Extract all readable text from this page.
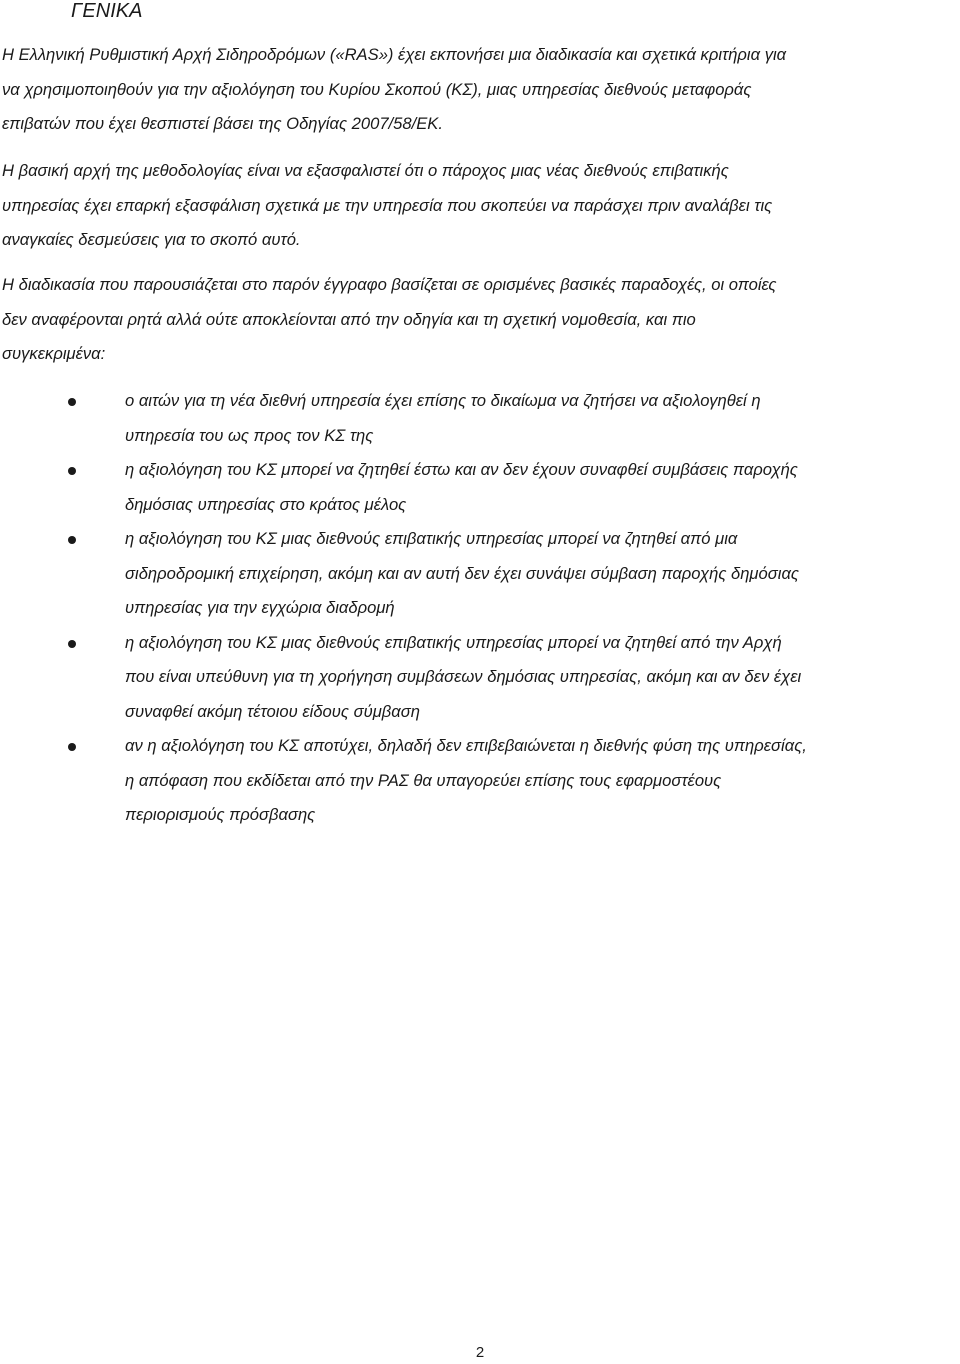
ΓΕΝΙΚΑ

Η Ελληνική Ρυθμιστική Αρχή Σιδηροδρόμων («RAS») έχει εκπονήσει μια διαδικασία και σχετικά κριτήρια για
να χρησιμοποιηθούν για την αξιολόγηση του Κυρίου Σκοπού (ΚΣ), μιας υπηρεσίας διεθνούς μεταφοράς
επιβατών που έχει θεσπιστεί βάσει της Οδηγίας 2007/58/ΕΚ.

Η βασική αρχή της μεθοδολογίας είναι να εξασφαλιστεί ότι ο πάροχος μιας νέας διεθνούς επιβατικής
υπηρεσίας έχει επαρκή εξασφάλιση σχετικά με την υπηρεσία που σκοπεύει να παράσχει πριν αναλάβει τις
αναγκαίες δεσμεύσεις για το σκοπό αυτό.

Η διαδικασία που παρουσιάζεται στο παρόν έγγραφο βασίζεται σε ορισμένες βασικές παραδοχές, οι οποίες
δεν αναφέρονται ρητά αλλά ούτε αποκλείονται από την οδηγία και τη σχετική νομοθεσία, και πιο
συγκεκριμένα:

ο αιτών για τη νέα διεθνή υπηρεσία έχει επίσης το δικαίωμα να ζητήσει να αξιολογηθεί η
υπηρεσία του ως προς τον ΚΣ της
η αξιολόγηση του ΚΣ μπορεί να ζητηθεί έστω και αν δεν έχουν συναφθεί συμβάσεις παροχής
δημόσιας υπηρεσίας στο κράτος μέλος
η αξιολόγηση του ΚΣ μιας διεθνούς επιβατικής υπηρεσίας μπορεί να ζητηθεί από μια
σιδηροδρομική επιχείρηση, ακόμη και αν αυτή δεν έχει συνάψει σύμβαση παροχής δημόσιας
υπηρεσίας για την εγχώρια διαδρομή
η αξιολόγηση του ΚΣ μιας διεθνούς επιβατικής υπηρεσίας μπορεί να ζητηθεί από την Αρχή
που είναι υπεύθυνη για τη χορήγηση συμβάσεων δημόσιας υπηρεσίας, ακόμη και αν δεν έχει
συναφθεί ακόμη τέτοιου είδους σύμβαση
αν η αξιολόγηση του ΚΣ αποτύχει, δηλαδή δεν επιβεβαιώνεται η διεθνής φύση της υπηρεσίας,
η απόφαση που εκδίδεται από την ΡΑΣ θα υπαγορεύει επίσης τους εφαρμοστέους
περιορισμούς πρόσβασης
2
